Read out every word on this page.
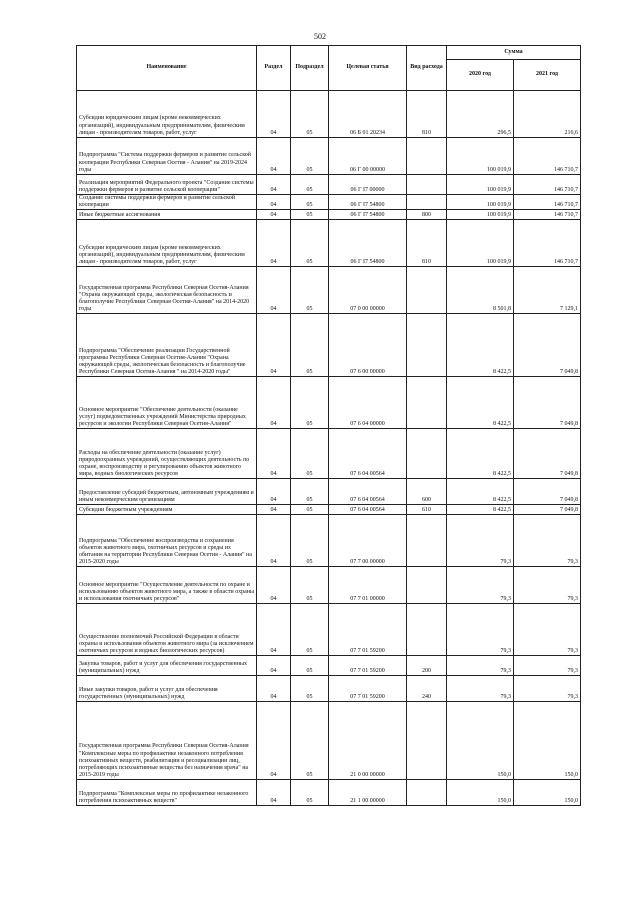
502
Наименование	Раздел	Подраздел	Целевая статья	Вид расхода	Сумма	
					2020 год	2021 год
Субсидии юридическим лицам (кроме некоммерческих организаций), индивидуальным предпринимателям, физическим лицам - производителям товаров, работ, услуг	04	05	06 Б 01 20234	810	296,5	216,6
Подпрограмма "Система поддержки фермеров и развитие сельской кооперации Республики Северная Осетия - Алания" на 2019-2024 годы	04	05	06 Г 00 00000		100 019,9	146 710,7
Реализация мероприятий Федерального проекта "Создание системы поддержки фермеров и развитие сельской кооперации"	04	05	06 Г I7 00000		100 019,9	146 710,7
Создание системы поддержки фермеров и развитие сельской кооперации	04	05	06 Г I7 54800		100 019,9	146 710,7
Иные бюджетные ассигнования	04	05	06 Г I7 54800	800	100 019,9	146 710,7
Субсидии юридическим лицам (кроме некоммерческих организаций), индивидуальным предпринимателям, физическим лицам - производителям товаров, работ, услуг	04	05	06 Г I7 54800	810	100 019,9	146 710,7
Государственная программа Республики Северная Осетия-Алания "Охрана окружающей среды, экологическая безопасность и благополучие Республики Северная Осетия-Алания" на 2014-2020 годы	04	05	07 0 00 00000		8 501,8	7 129,1
Подпрограмма "Обеспечение реализации Государственной программы Республики Северная Осетия-Алания "Охрана окружающей среды, экологическая безопасность и благополучие Республики Северная Осетия-Алания " на 2014-2020 годы"	04	05	07 6 00 00000		8 422,5	7 049,8
Основное мероприятие "Обеспечение деятельности (оказание услуг) подведомственных учреждений Министерства природных ресурсов и экологии Республики Северная Осетия-Алания"	04	05	07 6 04 00000		8 422,5	7 049,8
Расходы на обеспечение деятельности (оказание услуг) природоохранных учреждений, осуществляющих деятельность по охране, воспроизводству и регулированию объектов животного мира, водных биологических ресурсов	04	05	07 6 04 00564		8 422,5	7 049,8
Предоставление субсидий бюджетным, автономным учреждениям и иным некоммерческим организациям	04	05	07 6 04 00564	600	8 422,5	7 049,8
Субсидии бюджетным учреждениям	04	05	07 6 04 00564	610	8 422,5	7 049,8
Подпрограмма "Обеспечение воспроизводства и сохранения объектов животного мира, охотничьих ресурсов и среды их обитания на территории Республики Северная Осетия - Алания" на 2015-2020 годы	04	05	07 7 00 00000		79,3	79,3
Основное мероприятие "Осуществление деятельности по охране и использованию объектов животного мира, а также в области охраны и использования охотничьих ресурсов"	04	05	07 7 01 00000		79,3	79,3
Осуществление полномочий Российской Федерации в области охраны и использования объектов животного мира (за исключением охотничьих ресурсов и водных биологических ресурсов)	04	05	07 7 01 59200		79,3	79,3
Закупка товаров, работ и услуг для обеспечения государственных (муниципальных) нужд	04	05	07 7 01 59200	200	79,3	79,3
Иные закупки товаров, работ и услуг для обеспечения государственных (муниципальных) нужд	04	05	07 7 01 59200	240	79,3	79,3
Государственная программа Республики Северная Осетия-Алания "Комплексные меры по профилактике незаконного потребления психоактивных веществ, реабилитации и ресоциализации лиц, потребляющих психоактивные вещества без назначения врача" на 2015-2019 годы	04	05	21 0 00 00000		150,0	150,0
Подпрограмма "Комплексные меры по профилактике незаконного потребления психоактивных веществ"	04	05	21 1 00 00000		150,0	150,0
